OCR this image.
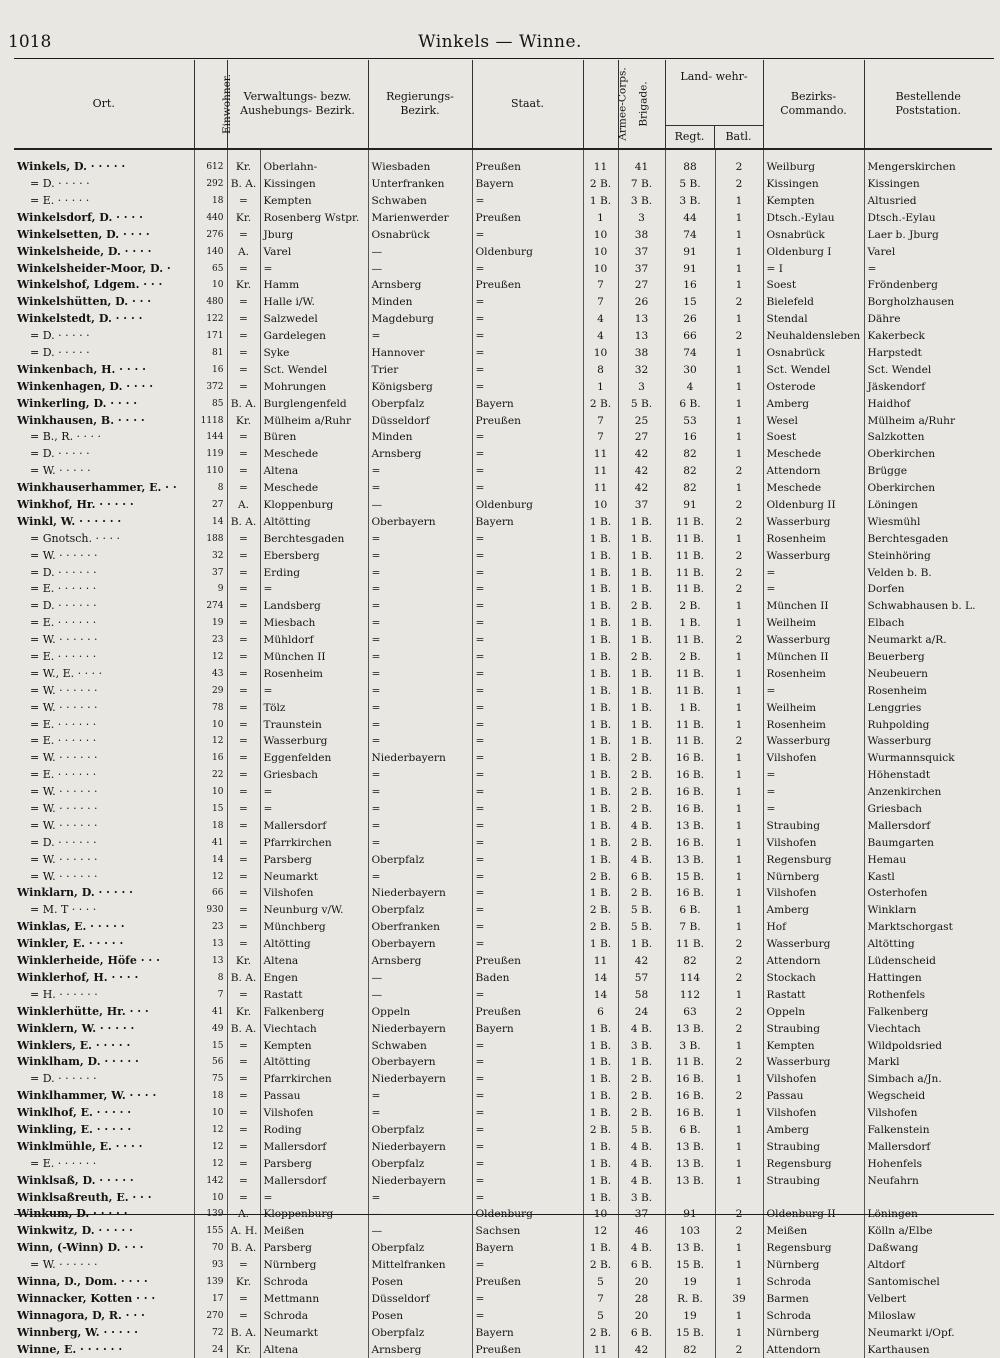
1018	Winkels — Winne.
Ort.	Einwohner.	Verwaltungs- bezw. Aushebungs- Bezirk.		Regierungs- Bezirk.	Staat.	Armee-Corps.	Brigade.	Land- wehr-
Regt. Batl.		Bezirks- Commando.	Bestellende Poststation.
Winkels, D. · · · · ·	612	Kr.	Oberlahn-	Wiesbaden	Preußen	11	41	88	2	Weilburg	Mengerskirchen
= D. · · · · ·	292	B. A.	Kissingen	Unterfranken	Bayern	2 B.	7 B.	5 B.	2	Kissingen	Kissingen
= E. · · · · ·	18	=	Kempten	Schwaben	=	1 B.	3 B.	3 B.	1	Kempten	Altusried
Winkelsdorf, D. · · · ·	440	Kr.	Rosenberg Wstpr.	Marienwerder	Preußen	1	3	44	1	Dtsch.-Eylau	Dtsch.-Eylau
Winkelsetten, D. · · · ·	276	=	Jburg	Osnabrück	=	10	38	74	1	Osnabrück	Laer b. Jburg
Winkelsheide, D. · · · ·	140	A.	Varel	—	Oldenburg	10	37	91	1	Oldenburg I	Varel
Winkelsheider-Moor, D. ·	65	=	=	—	=	10	37	91	1	= I	=
Winkelshof, Ldgem. · · ·	10	Kr.	Hamm	Arnsberg	Preußen	7	27	16	1	Soest	Fröndenberg
Winkelshütten, D. · · ·	480	=	Halle i/W.	Minden	=	7	26	15	2	Bielefeld	Borgholzhausen
Winkelstedt, D. · · · ·	122	=	Salzwedel	Magdeburg	=	4	13	26	1	Stendal	Dähre
= D. · · · · ·	171	=	Gardelegen	=	=	4	13	66	2	Neuhaldensleben	Kakerbeck
= D. · · · · ·	81	=	Syke	Hannover	=	10	38	74	1	Osnabrück	Harpstedt
Winkenbach, H. · · · ·	16	=	Sct. Wendel	Trier	=	8	32	30	1	Sct. Wendel	Sct. Wendel
Winkenhagen, D. · · · ·	372	=	Mohrungen	Königsberg	=	1	3	4	1	Osterode	Jäskendorf
Winkerling, D. · · · ·	85	B. A.	Burglengenfeld	Oberpfalz	Bayern	2 B.	5 B.	6 B.	1	Amberg	Haidhof
Winkhausen, B. · · · ·	1118	Kr.	Mülheim a/Ruhr	Düsseldorf	Preußen	7	25	53	1	Wesel	Mülheim a/Ruhr
= B., R. · · · ·	144	=	Büren	Minden	=	7	27	16	1	Soest	Salzkotten
= D. · · · · ·	119	=	Meschede	Arnsberg	=	11	42	82	1	Meschede	Oberkirchen
= W. · · · · ·	110	=	Altena	=	=	11	42	82	2	Attendorn	Brügge
Winkhauserhammer, E. · ·	8	=	Meschede	=	=	11	42	82	1	Meschede	Oberkirchen
Winkhof, Hr. · · · · ·	27	A.	Kloppenburg	—	Oldenburg	10	37	91	2	Oldenburg II	Löningen
Winkl, W. · · · · · ·	14	B. A.	Altötting	Oberbayern	Bayern	1 B.	1 B.	11 B.	2	Wasserburg	Wiesmühl
= Gnotsch. · · · ·	188	=	Berchtesgaden	=	=	1 B.	1 B.	11 B.	1	Rosenheim	Berchtesgaden
= W. · · · · · ·	32	=	Ebersberg	=	=	1 B.	1 B.	11 B.	2	Wasserburg	Steinhöring
= D. · · · · · ·	37	=	Erding	=	=	1 B.	1 B.	11 B.	2	=	Velden b. B.
= E. · · · · · ·	9	=	=	=	=	1 B.	1 B.	11 B.	2	=	Dorfen
= D. · · · · · ·	274	=	Landsberg	=	=	1 B.	2 B.	2 B.	1	München II	Schwabhausen b. L.
= E. · · · · · ·	19	=	Miesbach	=	=	1 B.	1 B.	1 B.	1	Weilheim	Elbach
= W. · · · · · ·	23	=	Mühldorf	=	=	1 B.	1 B.	11 B.	2	Wasserburg	Neumarkt a/R.
= E. · · · · · ·	12	=	München II	=	=	1 B.	2 B.	2 B.	1	München II	Beuerberg
= W., E. · · · ·	43	=	Rosenheim	=	=	1 B.	1 B.	11 B.	1	Rosenheim	Neubeuern
= W. · · · · · ·	29	=	=	=	=	1 B.	1 B.	11 B.	1	=	Rosenheim
= W. · · · · · ·	78	=	Tölz	=	=	1 B.	1 B.	1 B.	1	Weilheim	Lenggries
= E. · · · · · ·	10	=	Traunstein	=	=	1 B.	1 B.	11 B.	1	Rosenheim	Ruhpolding
= E. · · · · · ·	12	=	Wasserburg	=	=	1 B.	1 B.	11 B.	2	Wasserburg	Wasserburg
= W. · · · · · ·	16	=	Eggenfelden	Niederbayern	=	1 B.	2 B.	16 B.	1	Vilshofen	Wurmannsquick
= E. · · · · · ·	22	=	Griesbach	=	=	1 B.	2 B.	16 B.	1	=	Höhenstadt
= W. · · · · · ·	10	=	=	=	=	1 B.	2 B.	16 B.	1	=	Anzenkirchen
= W. · · · · · ·	15	=	=	=	=	1 B.	2 B.	16 B.	1	=	Griesbach
= W. · · · · · ·	18	=	Mallersdorf	=	=	1 B.	4 B.	13 B.	1	Straubing	Mallersdorf
= D. · · · · · ·	41	=	Pfarrkirchen	=	=	1 B.	2 B.	16 B.	1	Vilshofen	Baumgarten
= W. · · · · · ·	14	=	Parsberg	Oberpfalz	=	1 B.	4 B.	13 B.	1	Regensburg	Hemau
= W. · · · · · ·	12	=	Neumarkt	=	=	2 B.	6 B.	15 B.	1	Nürnberg	Kastl
Winklarn, D. · · · · ·	66	=	Vilshofen	Niederbayern	=	1 B.	2 B.	16 B.	1	Vilshofen	Osterhofen
= M. T · · · ·	930	=	Neunburg v/W.	Oberpfalz	=	2 B.	5 B.	6 B.	1	Amberg	Winklarn
Winklas, E. · · · · ·	23	=	Münchberg	Oberfranken	=	2 B.	5 B.	7 B.	1	Hof	Marktschorgast
Winkler, E. · · · · ·	13	=	Altötting	Oberbayern	=	1 B.	1 B.	11 B.	2	Wasserburg	Altötting
Winklerheide, Höfe · · ·	13	Kr.	Altena	Arnsberg	Preußen	11	42	82	2	Attendorn	Lüdenscheid
Winklerhof, H. · · · ·	8	B. A.	Engen	—	Baden	14	57	114	2	Stockach	Hattingen
= H. · · · · · ·	7	=	Rastatt	—	=	14	58	112	1	Rastatt	Rothenfels
Winklerhütte, Hr. · · ·	41	Kr.	Falkenberg	Oppeln	Preußen	6	24	63	2	Oppeln	Falkenberg
Winklern, W. · · · · ·	49	B. A.	Viechtach	Niederbayern	Bayern	1 B.	4 B.	13 B.	2	Straubing	Viechtach
Winklers, E. · · · · ·	15	=	Kempten	Schwaben	=	1 B.	3 B.	3 B.	1	Kempten	Wildpoldsried
Winklham, D. · · · · ·	56	=	Altötting	Oberbayern	=	1 B.	1 B.	11 B.	2	Wasserburg	Markl
= D. · · · · · ·	75	=	Pfarrkirchen	Niederbayern	=	1 B.	2 B.	16 B.	1	Vilshofen	Simbach a/Jn.
Winklhammer, W. · · · ·	18	=	Passau	=	=	1 B.	2 B.	16 B.	2	Passau	Wegscheid
Winklhof, E. · · · · ·	10	=	Vilshofen	=	=	1 B.	2 B.	16 B.	1	Vilshofen	Vilshofen
Winkling, E. · · · · ·	12	=	Roding	Oberpfalz	=	2 B.	5 B.	6 B.	1	Amberg	Falkenstein
Winklmühle, E. · · · ·	12	=	Mallersdorf	Niederbayern	=	1 B.	4 B.	13 B.	1	Straubing	Mallersdorf
= E. · · · · · ·	12	=	Parsberg	Oberpfalz	=	1 B.	4 B.	13 B.	1	Regensburg	Hohenfels
Winklsaß, D. · · · · ·	142	=	Mallersdorf	Niederbayern	=	1 B.	4 B.	13 B.	1	Straubing	Neufahrn
Winklsaßreuth, E. · · ·	10	=	=	=	=	1 B.	3 B.				
Winkum, D. · · · · ·	139	A.	Kloppenburg	—	Oldenburg	10	37	91	2	Oldenburg II	Löningen
Winkwitz, D. · · · · ·	155	A. H.	Meißen	—	Sachsen	12	46	103	2	Meißen	Kölln a/Elbe
Winn, (-Winn) D. · · ·	70	B. A.	Parsberg	Oberpfalz	Bayern	1 B.	4 B.	13 B.	1	Regensburg	Daßwang
= W. · · · · · ·	93	=	Nürnberg	Mittelfranken	=	2 B.	6 B.	15 B.	1	Nürnberg	Altdorf
Winna, D., Dom. · · · ·	139	Kr.	Schroda	Posen	Preußen	5	20	19	1	Schroda	Santomischel
Winnacker, Kotten · · ·	17	=	Mettmann	Düsseldorf	=	7	28	R. B.	39	Barmen	Velbert
Winnagora, D, R. · · ·	270	=	Schroda	Posen	=	5	20	19	1	Schroda	Miloslaw
Winnberg, W. · · · · ·	72	B. A.	Neumarkt	Oberpfalz	Bayern	2 B.	6 B.	15 B.	1	Nürnberg	Neumarkt i/Opf.
Winne, E. · · · · · ·	24	Kr.	Altena	Arnsberg	Preußen	11	42	82	2	Attendorn	Karthausen
